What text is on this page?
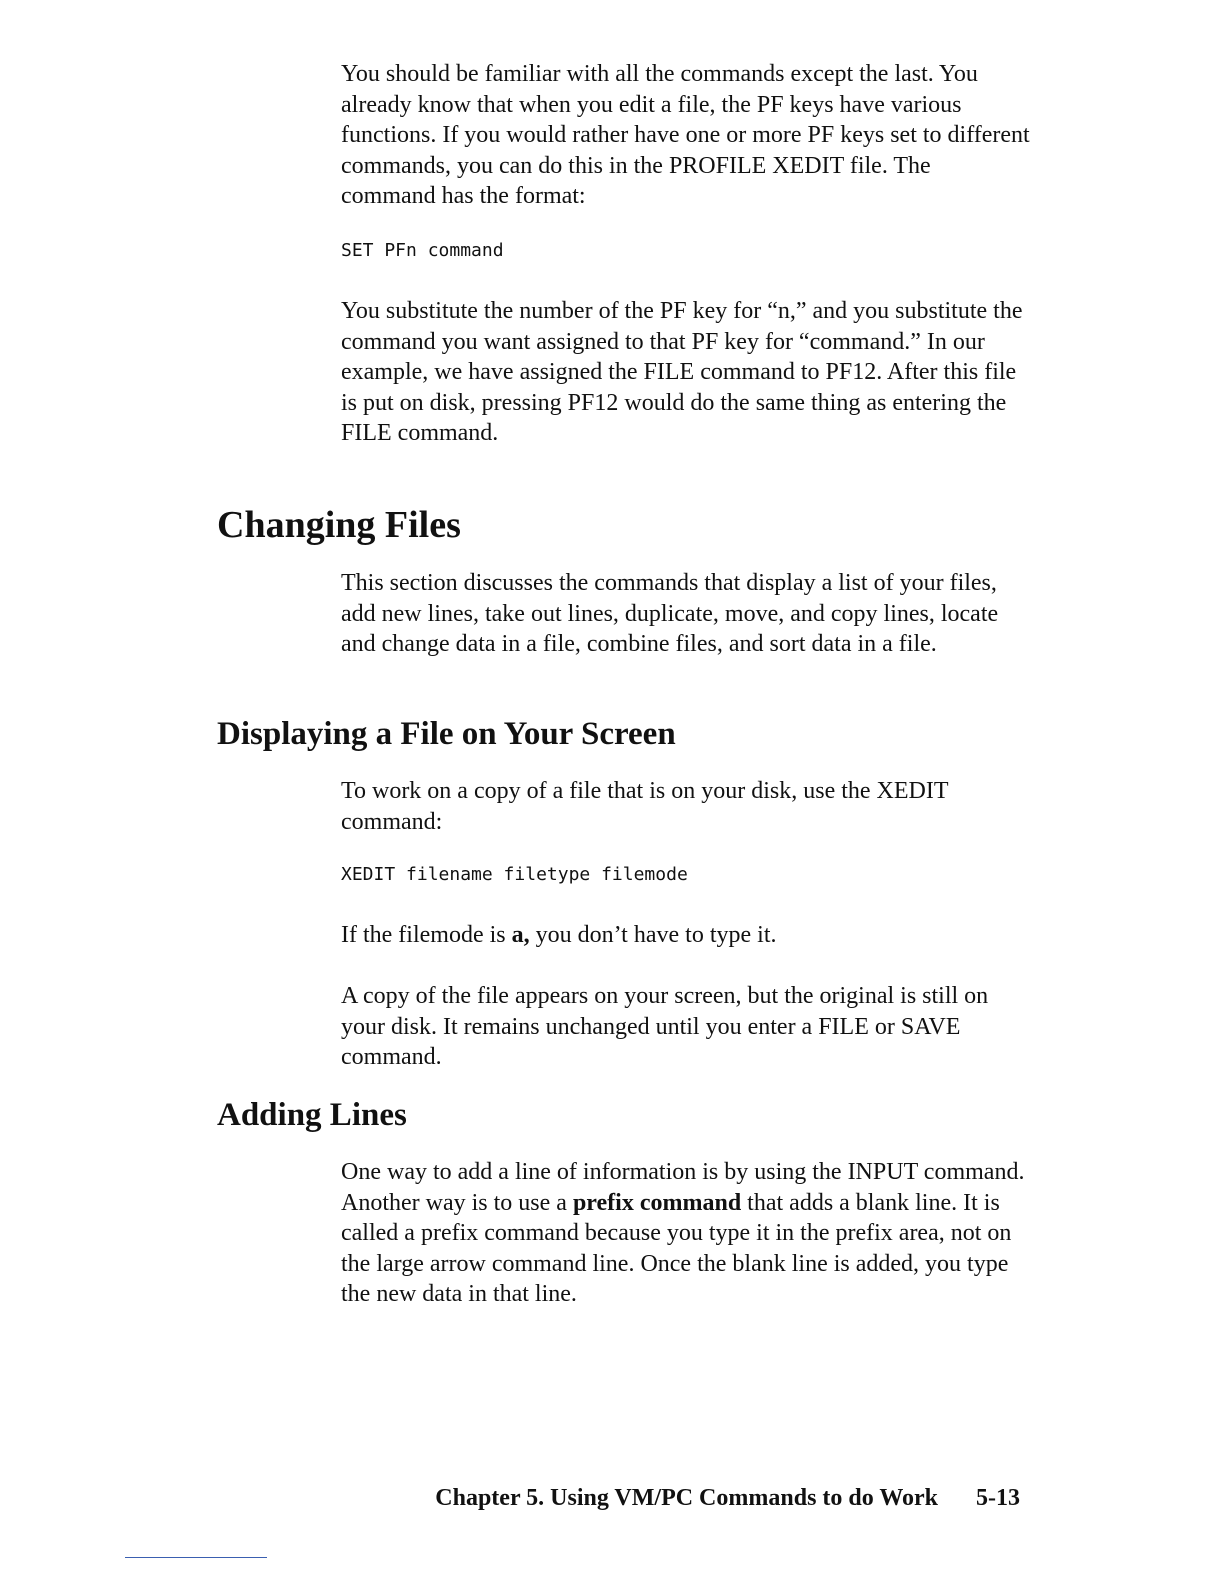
You should be familiar with all the commands except the last. You already know that when you edit a file, the PF keys have various functions. If you would rather have one or more PF keys set to different commands, you can do this in the PROFILE XEDIT file. The command has the format:

SET PFn command

You substitute the number of the PF key for “n,” and you substitute the command you want assigned to that PF key for “command.” In our example, we have assigned the FILE command to PF12. After this file is put on disk, pressing PF12 would do the same thing as entering the FILE command.

Changing Files

This section discusses the commands that display a list of your files, add new lines, take out lines, duplicate, move, and copy lines, locate and change data in a file, combine files, and sort data in a file.

Displaying a File on Your Screen

To work on a copy of a file that is on your disk, use the XEDIT command:

XEDIT filename filetype filemode

If the filemode is a, you don’t have to type it.

A copy of the file appears on your screen, but the original is still on your disk. It remains unchanged until you enter a FILE or SAVE command.

Adding Lines

One way to add a line of information is by using the INPUT command. Another way is to use a prefix command that adds a blank line. It is called a prefix command because you type it in the prefix area, not on the large arrow command line. Once the blank line is added, you type the new data in that line.

Chapter 5. Using VM/PC Commands to do Work 5-13
